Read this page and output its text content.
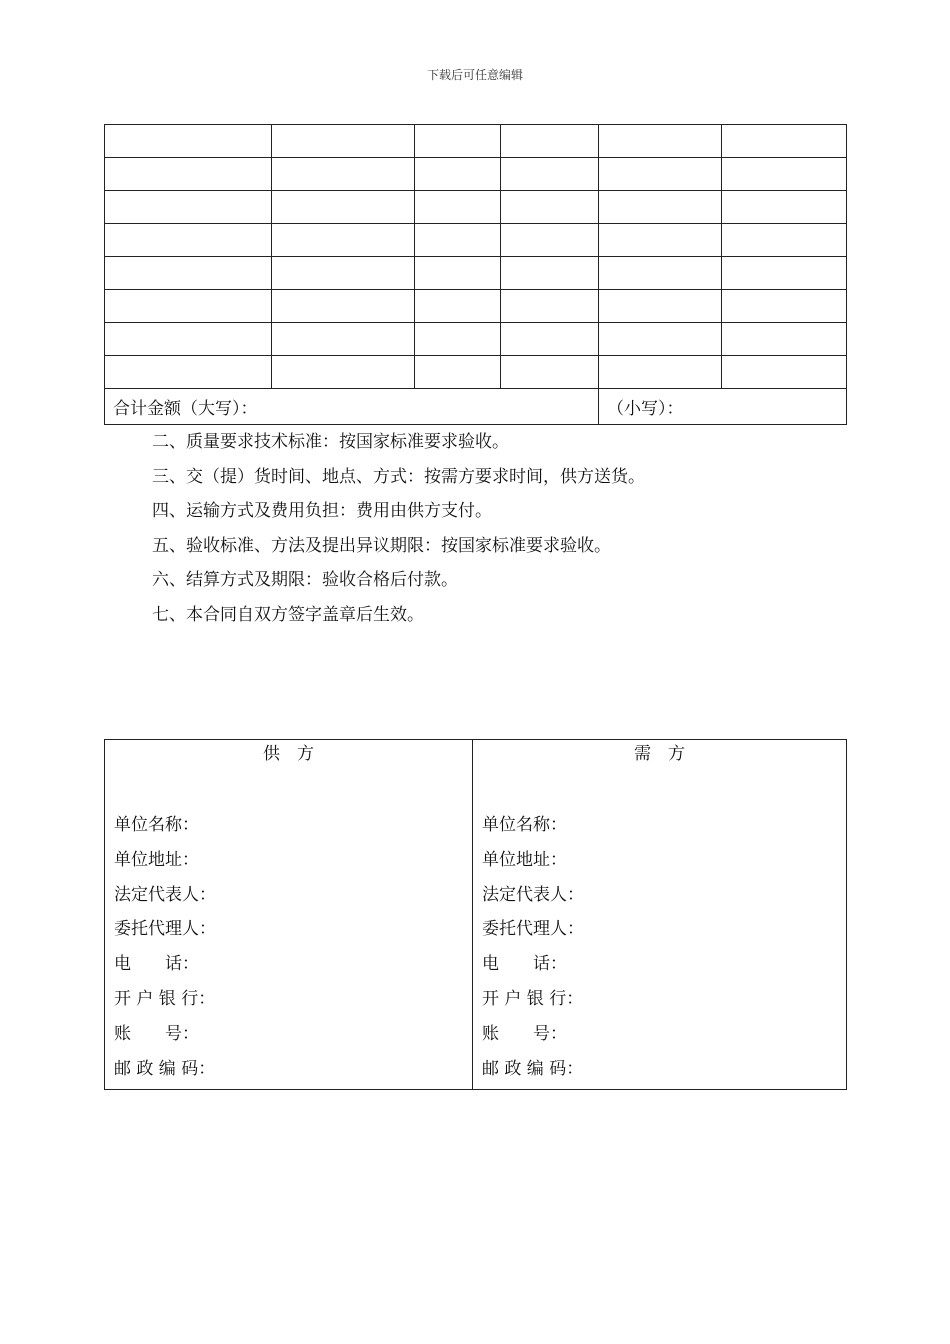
下载后可任意编辑

合计金额（大写）：				（小写）：	

二、质量要求技术标准：按国家标准要求验收。

三、交（提）货时间、地点、方式：按需方要求时间，供方送货。

四、运输方式及费用负担：费用由供方支付。

五、验收标准、方法及提出异议期限：按国家标准要求验收。

六、结算方式及期限：验收合格后付款。

七、本合同自双方签字盖章后生效。

供　方
单位名称：
单位地址：
法定代表人：
委托代理人：
电　　话：
开 户 银 行：
账　　号：
邮 政 编 码：

需　方
单位名称：
单位地址：
法定代表人：
委托代理人：
电　　话：
开 户 银 行：
账　　号：
邮 政 编 码：
